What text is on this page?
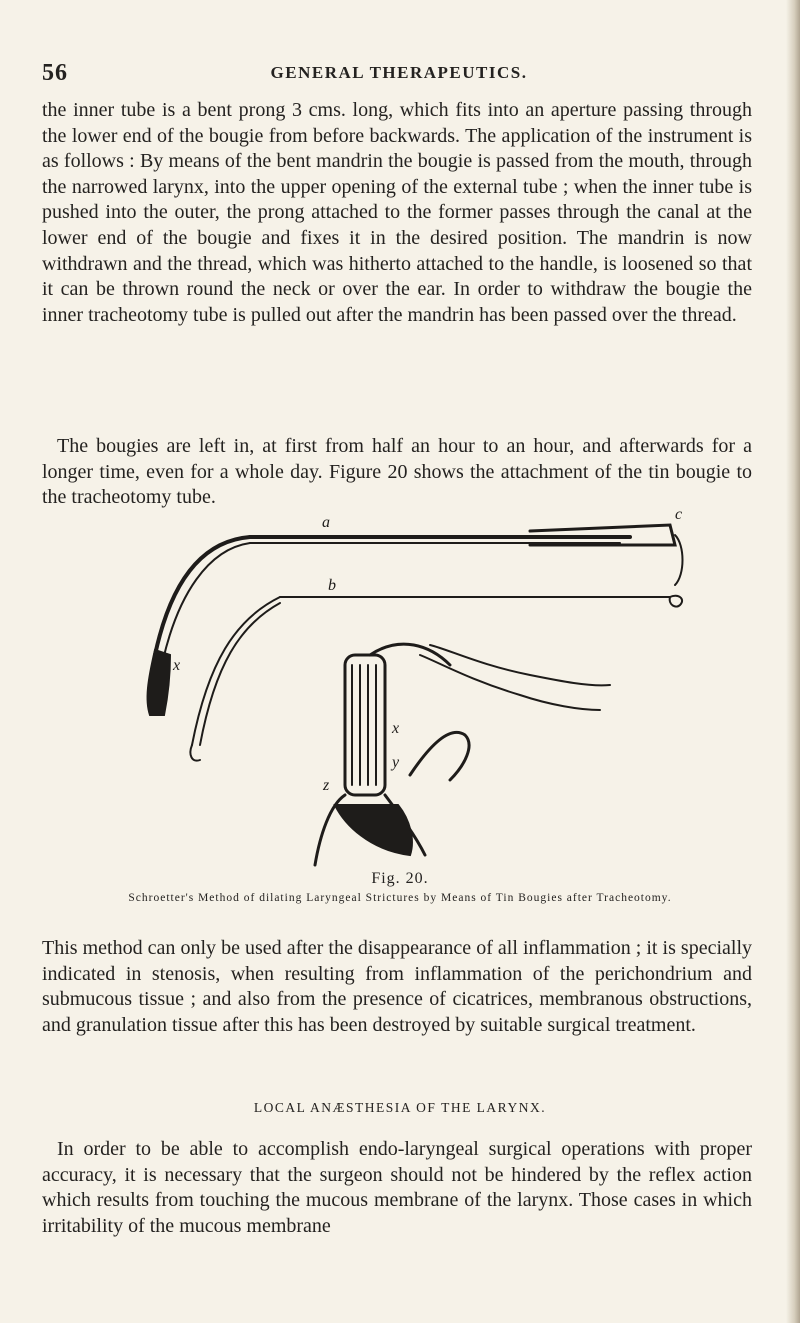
56	GENERAL THERAPEUTICS.

the inner tube is a bent prong 3 cms. long, which fits into an aperture passing through the lower end of the bougie from before backwards. The application of the instrument is as follows : By means of the bent mandrin the bougie is passed from the mouth, through the narrowed larynx, into the upper opening of the external tube ; when the inner tube is pushed into the outer, the prong attached to the former passes through the canal at the lower end of the bougie and fixes it in the desired position. The mandrin is now withdrawn and the thread, which was hitherto attached to the handle, is loosened so that it can be thrown round the neck or over the ear. In order to withdraw the bougie the inner tracheotomy tube is pulled out after the mandrin has been passed over the thread.

The bougies are left in, at first from half an hour to an hour, and afterwards for a longer time, even for a whole day. Figure 20 shows the attachment of the tin bougie to the tracheotomy tube.

a	c
b
x
x
y
z
Fig. 20.
Schroetter's Method of dilating Laryngeal Strictures by Means of Tin Bougies after Tracheotomy.

This method can only be used after the disappearance of all inflammation ; it is specially indicated in stenosis, when resulting from inflammation of the perichondrium and submucous tissue ; and also from the presence of cicatrices, membranous obstructions, and granulation tissue after this has been destroyed by suitable surgical treatment.

LOCAL ANÆSTHESIA OF THE LARYNX.

In order to be able to accomplish endo-laryngeal surgical operations with proper accuracy, it is necessary that the surgeon should not be hindered by the reflex action which results from touching the mucous membrane of the larynx. Those cases in which irritability of the mucous membrane
